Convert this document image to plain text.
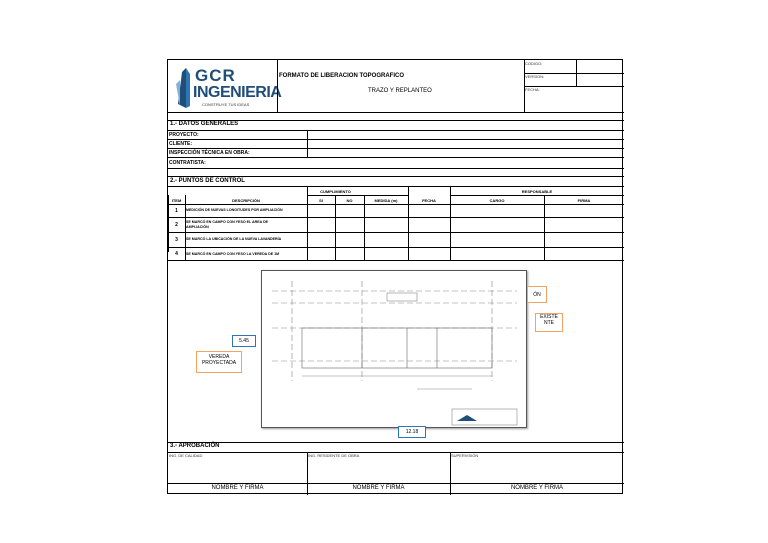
GCR
INGENIERIA
CONSTRUYE TUS IDEAS
FORMATO DE LIBERACION TOPOGRAFICO
TRAZO Y REPLANTEO
CODIGO:
VERSION:
FECHA:
1.- DATOS GENERALES
PROYECTO:
CLIENTE:
INSPECCIÓN TÉCNICA EN OBRA:
CONTRATISTA:
2.- PUNTOS DE CONTROL
CUMPLIMIENTO	RESPONSABLE
ITEM	DESCRIPCIÓN	SI	NO	MEDIDA (m)	FECHA	CARGO	FIRMA
1	MEDICIÓN DE NUEVAS LONGITUDES POR AMPLIACIÓN
2	SE MARCÓ EN CAMPO CON YESO EL AREA DE AMPLIACIÓN
3	SE MARCÓ LA UBICACIÓN DE LA NUEVA LAVANDERÍA
4	SE MARCÓ EN CAMPO CON YESO LA VEREDA DE 1M
5.45
VEREDA PROYECTADA
ÓN
EXISTE NTE
12.18
3.- APROBACIÓN
ING. DE CALIDAD	ING. RESIDENTE DE OBRA	SUPERVISIÓN
NOMBRE Y FIRMA	NOMBRE Y FIRMA	NOMBRE Y FIRMA
